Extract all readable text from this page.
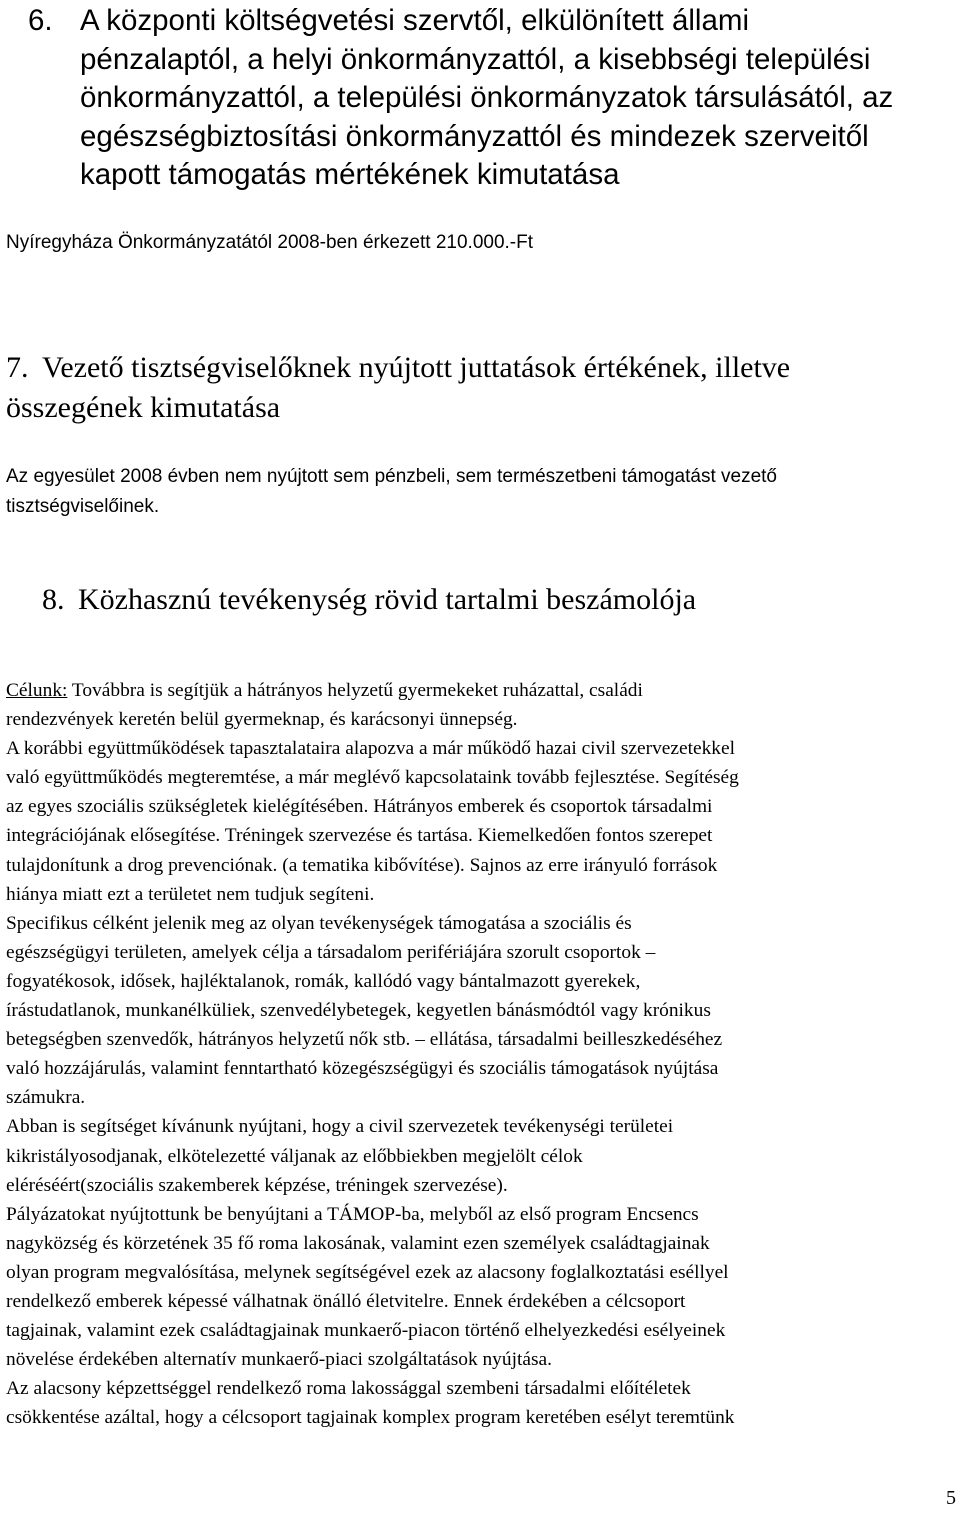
6. A központi költségvetési szervtől, elkülönített állami
pénzalaptól, a helyi önkormányzattól, a kisebbségi települési
önkormányzattól, a települési önkormányzatok társulásától, az
egészségbiztosítási önkormányzattól és mindezek szerveitől
kapott támogatás mértékének kimutatása
Nyíregyháza Önkormányzatától 2008-ben érkezett 210.000.-Ft
7. Vezető tisztségviselőknek nyújtott juttatások értékének, illetve
összegének kimutatása
Az egyesület 2008 évben nem nyújtott sem pénzbeli, sem természetbeni támogatást vezető
tisztségviselőinek.
8. Közhasznú tevékenység rövid tartalmi beszámolója
Célunk: Továbbra is segítjük a hátrányos helyzetű gyermekeket ruházattal, családi
rendezvények keretén belül gyermeknap, és karácsonyi ünnepség.
A korábbi együttműködések tapasztalataira alapozva a már működő hazai civil szervezetekkel
való együttműködés megteremtése, a már meglévő kapcsolataink tovább fejlesztése. Segítéség
az egyes szociális szükségletek kielégítésében. Hátrányos emberek és csoportok társadalmi
integrációjának elősegítése. Tréningek szervezése és tartása. Kiemelkedően fontos szerepet
tulajdonítunk a drog prevenciónak. (a tematika kibővítése). Sajnos az erre irányuló források
hiánya miatt ezt a területet nem tudjuk segíteni.
Specifikus célként jelenik meg az olyan tevékenységek támogatása a szociális és
egészségügyi területen, amelyek célja a társadalom perifériájára szorult csoportok –
fogyatékosok, idősek, hajléktalanok, romák, kallódó vagy bántalmazott gyerekek,
írástudatlanok, munkanélküliek, szenvedélybetegek, kegyetlen bánásmódtól vagy krónikus
betegségben szenvedők, hátrányos helyzetű nők stb. – ellátása, társadalmi beilleszkedéséhez
való hozzájárulás, valamint fenntartható közegészségügyi és szociális támogatások nyújtása
számukra.
Abban is segítséget kívánunk nyújtani, hogy a civil szervezetek tevékenységi területei
kikristályosodjanak, elkötelezetté váljanak az előbbiekben megjelölt célok
eléréséért(szociális szakemberek képzése, tréningek szervezése).
Pályázatokat nyújtottunk be benyújtani a TÁMOP-ba, melyből az első program Encsencs
nagyközség és körzetének 35 fő roma lakosának, valamint ezen személyek családtagjainak
olyan program megvalósítása, melynek segítségével ezek az alacsony foglalkoztatási eséllyel
rendelkező emberek képessé válhatnak önálló életvitelre. Ennek érdekében a célcsoport
tagjainak, valamint ezek családtagjainak munkaerő-piacon történő elhelyezkedési esélyeinek
növelése érdekében alternatív munkaerő-piaci szolgáltatások nyújtása.
Az alacsony képzettséggel rendelkező roma lakossággal szembeni társadalmi előítéletek
csökkentése azáltal, hogy a célcsoport tagjainak komplex program keretében esélyt teremtünk
5
